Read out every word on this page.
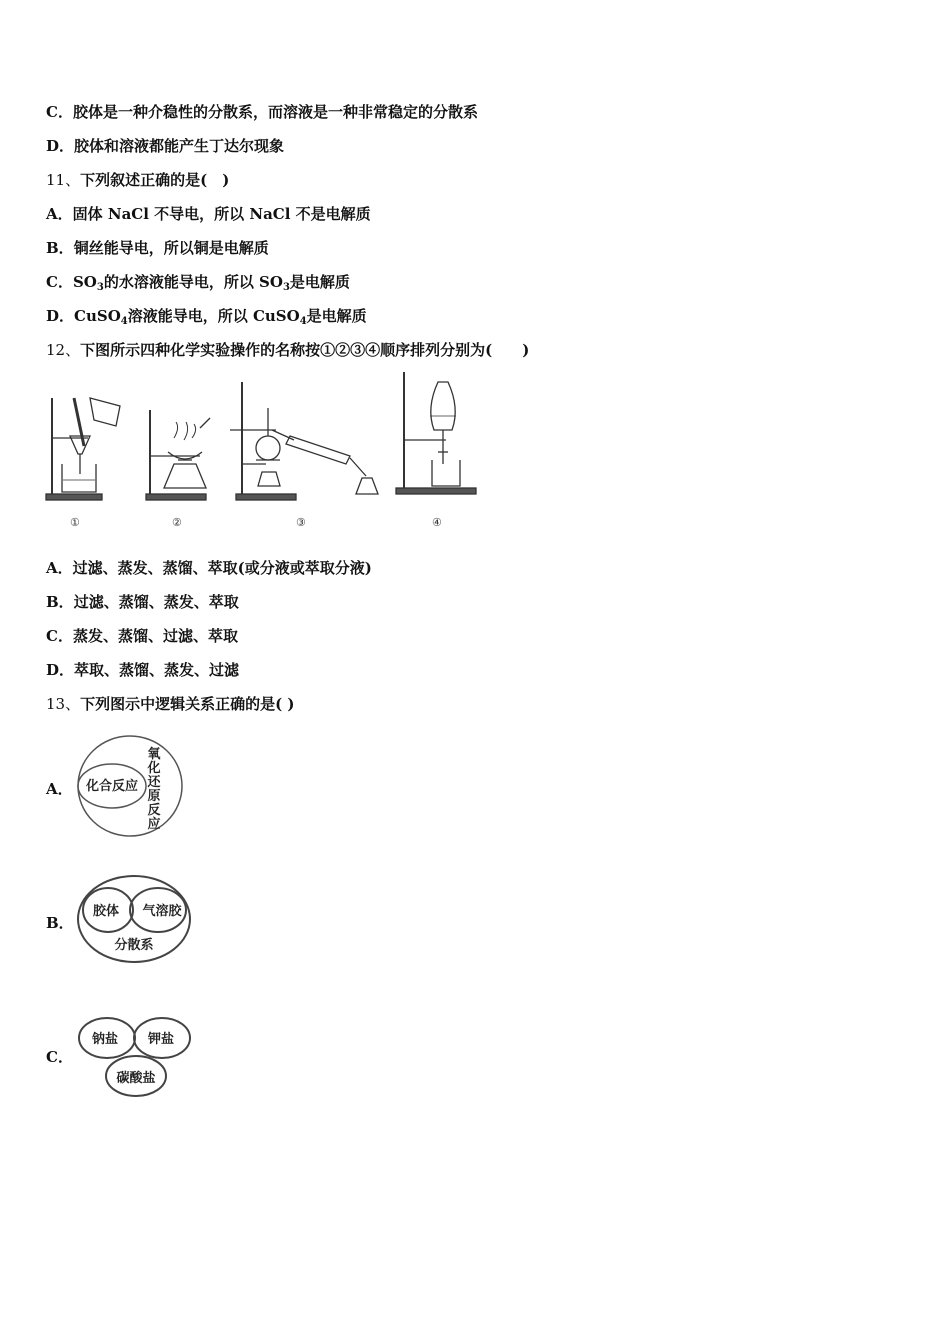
C．胶体是一种介稳性的分散系，而溶液是一种非常稳定的分散系
D．胶体和溶液都能产生丁达尔现象
11、下列叙述正确的是(　)
A．固体 NaCl 不导电，所以 NaCl 不是电解质
B．铜丝能导电，所以铜是电解质
C．$SO_3$的水溶液能导电，所以 $SO_3$是电解质
D．CuSO$_4$溶液能导电，所以 CuSO$_4$是电解质
12、下图所示四种化学实验操作的名称按①②③④顺序排列分别为(　　)
①	②	③	④
A．过滤、蒸发、蒸馏、萃取(或分液或萃取分液)
B．过滤、蒸馏、蒸发、萃取
C．蒸发、蒸馏、过滤、萃取
D．萃取、蒸馏、蒸发、过滤
13、下列图示中逻辑关系正确的是( )
A． 化合反应
氧
化
还
原
反
应
B．
胶体 气溶胶
分散系
C．
钠盐 钾盐
碳酸盐
